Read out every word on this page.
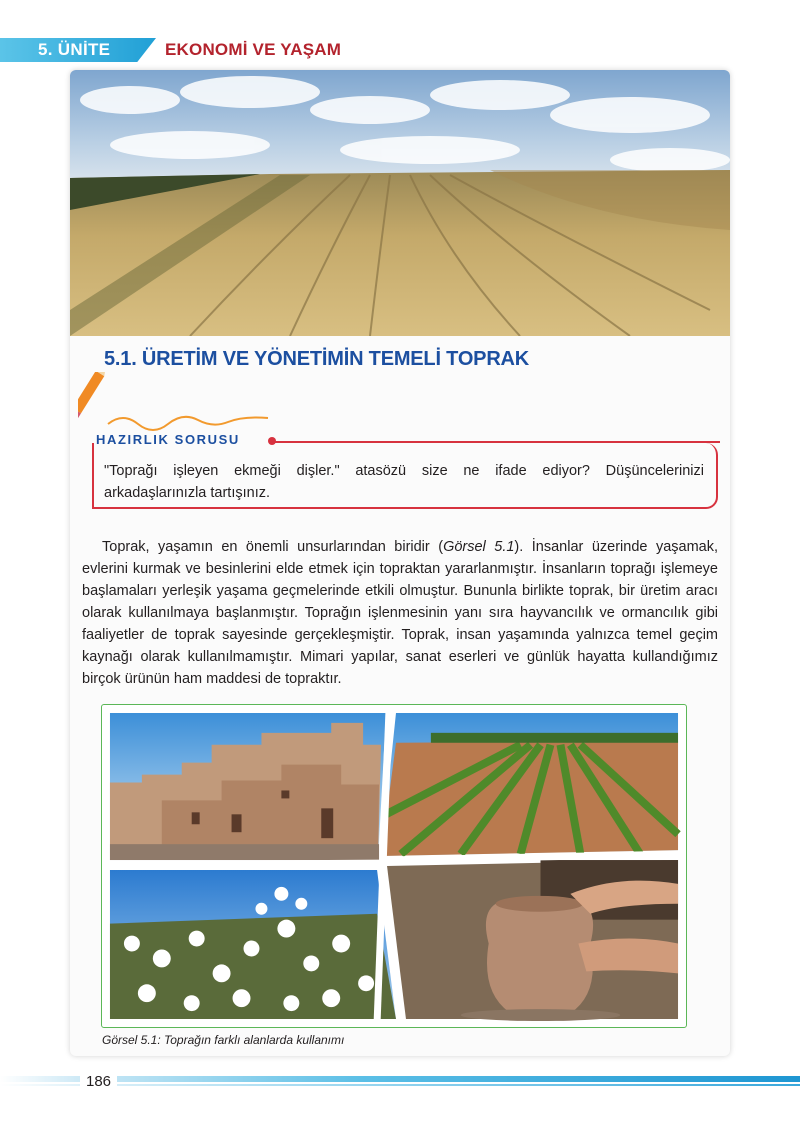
5. ÜNİTE	EKONOMİ VE YAŞAM
5.1. ÜRETİM VE YÖNETİMİN TEMELİ TOPRAK
HAZIRLIK SORUSU
"Toprağı işleyen ekmeği dişler." atasözü size ne ifade ediyor? Düşüncelerinizi arkadaşlarınızla tartışınız.

Toprak, yaşamın en önemli unsurlarından biridir (Görsel 5.1). İnsanlar üzerinde yaşamak, evlerini kurmak ve besinlerini elde etmek için topraktan yararlanmıştır. İnsanların toprağı işlemeye başlamaları yerleşik yaşama geçmelerinde etkili olmuştur. Bununla birlikte toprak, bir üretim aracı olarak kullanılmaya başlanmıştır. Toprağın işlenmesinin yanı sıra hayvancılık ve ormancılık gibi faaliyetler de toprak sayesinde gerçekleşmiştir. Toprak, insan yaşamında yalnızca temel geçim kaynağı olarak kullanılmamıştır. Mimari yapılar, sanat eserleri ve günlük hayatta kullandığımız birçok ürünün ham maddesi de topraktır.

Görsel 5.1: Toprağın farklı alanlarda kullanımı
186
